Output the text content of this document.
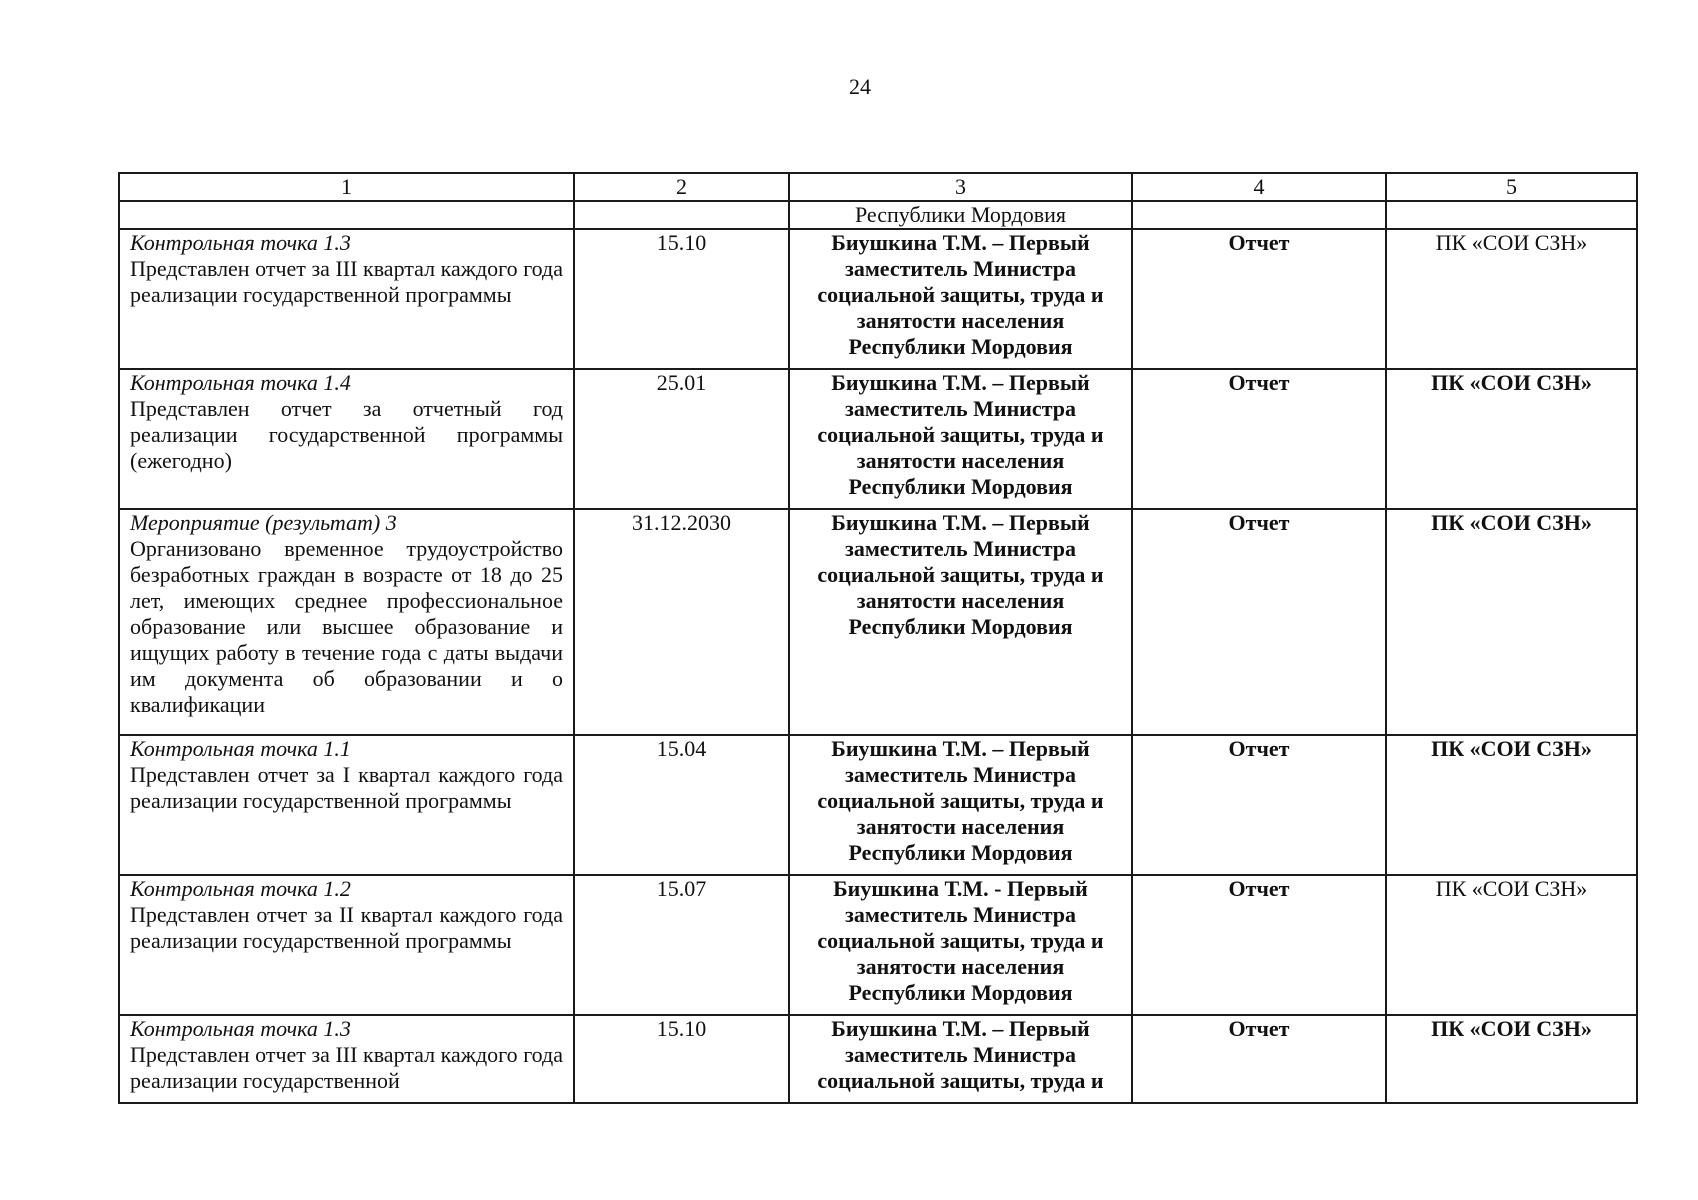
24
1	2	3	4	5
		Республики Мордовия		

Контрольная точка 1.3
Представлен отчет за III квартал каждого года реализации государственной программы	15.10	Биушкина Т.М. – Первый заместитель Министра социальной защиты, труда и занятости населения Республики Мордовия	Отчет	ПК «СОИ СЗН»

Контрольная точка 1.4
Представлен отчет за отчетный год реализации государственной программы (ежегодно)	25.01	Биушкина Т.М. – Первый заместитель Министра социальной защиты, труда и занятости населения Республики Мордовия	Отчет	ПК «СОИ СЗН»

Мероприятие (результат) 3
Организовано временное трудоустройство безработных граждан в возрасте от 18 до 25 лет, имеющих среднее профессиональное образование или высшее образование и ищущих работу в течение года с даты выдачи им документа об образовании и о квалификации	31.12.2030	Биушкина Т.М. – Первый заместитель Министра социальной защиты, труда и занятости населения Республики Мордовия	Отчет	ПК «СОИ СЗН»

Контрольная точка 1.1
Представлен отчет за I квартал каждого года реализации государственной программы	15.04	Биушкина Т.М. – Первый заместитель Министра социальной защиты, труда и занятости населения Республики Мордовия	Отчет	ПК «СОИ СЗН»

Контрольная точка 1.2
Представлен отчет за II квартал каждого года реализации государственной программы	15.07	Биушкина Т.М. - Первый заместитель Министра социальной защиты, труда и занятости населения Республики Мордовия	Отчет	ПК «СОИ СЗН»

Контрольная точка 1.3
Представлен отчет за III квартал каждого года реализации государственной	15.10	Биушкина Т.М. – Первый заместитель Министра социальной защиты, труда и	Отчет	ПК «СОИ СЗН»
